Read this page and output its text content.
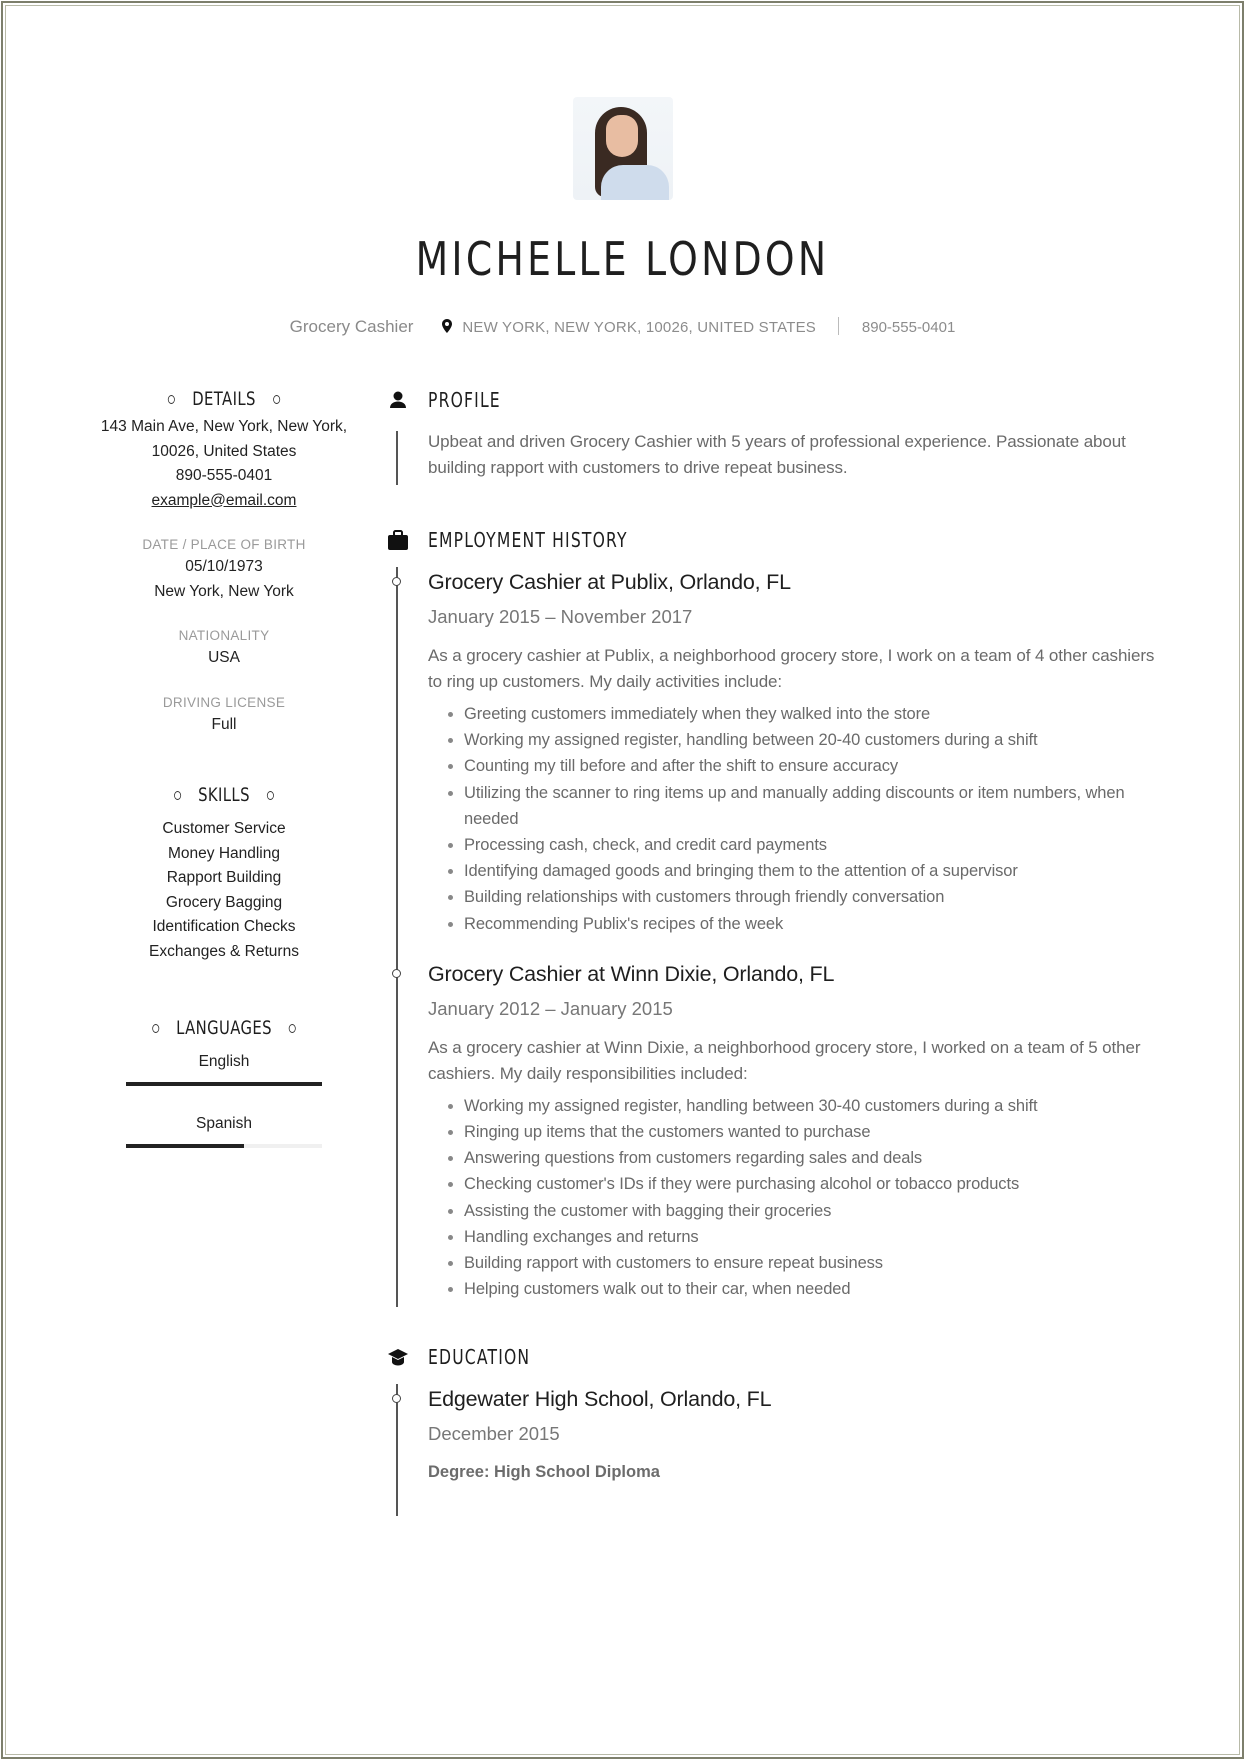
MICHELLE LONDON
Grocery Cashier	NEW YORK, NEW YORK, 10026, UNITED STATES	890-555-0401
DETAILS
143 Main Ave, New York, New York,
10026, United States
890-555-0401
example@email.com
DATE / PLACE OF BIRTH
05/10/1973
New York, New York
NATIONALITY
USA
DRIVING LICENSE
Full
SKILLS
Customer Service
Money Handling
Rapport Building
Grocery Bagging
Identification Checks
Exchanges & Returns
LANGUAGES
English
Spanish
PROFILE
Upbeat and driven Grocery Cashier with 5 years of professional experience. Passionate about building rapport with customers to drive repeat business.
EMPLOYMENT HISTORY
Grocery Cashier at Publix, Orlando, FL
January 2015 – November 2017
As a grocery cashier at Publix, a neighborhood grocery store, I work on a team of 4 other cashiers to ring up customers. My daily activities include:
• Greeting customers immediately when they walked into the store
• Working my assigned register, handling between 20-40 customers during a shift
• Counting my till before and after the shift to ensure accuracy
• Utilizing the scanner to ring items up and manually adding discounts or item numbers, when needed
• Processing cash, check, and credit card payments
• Identifying damaged goods and bringing them to the attention of a supervisor
• Building relationships with customers through friendly conversation
• Recommending Publix's recipes of the week
Grocery Cashier at Winn Dixie, Orlando, FL
January 2012 – January 2015
As a grocery cashier at Winn Dixie, a neighborhood grocery store, I worked on a team of 5 other cashiers. My daily responsibilities included:
• Working my assigned register, handling between 30-40 customers during a shift
• Ringing up items that the customers wanted to purchase
• Answering questions from customers regarding sales and deals
• Checking customer's IDs if they were purchasing alcohol or tobacco products
• Assisting the customer with bagging their groceries
• Handling exchanges and returns
• Building rapport with customers to ensure repeat business
• Helping customers walk out to their car, when needed
EDUCATION
Edgewater High School, Orlando, FL
December 2015
Degree: High School Diploma
